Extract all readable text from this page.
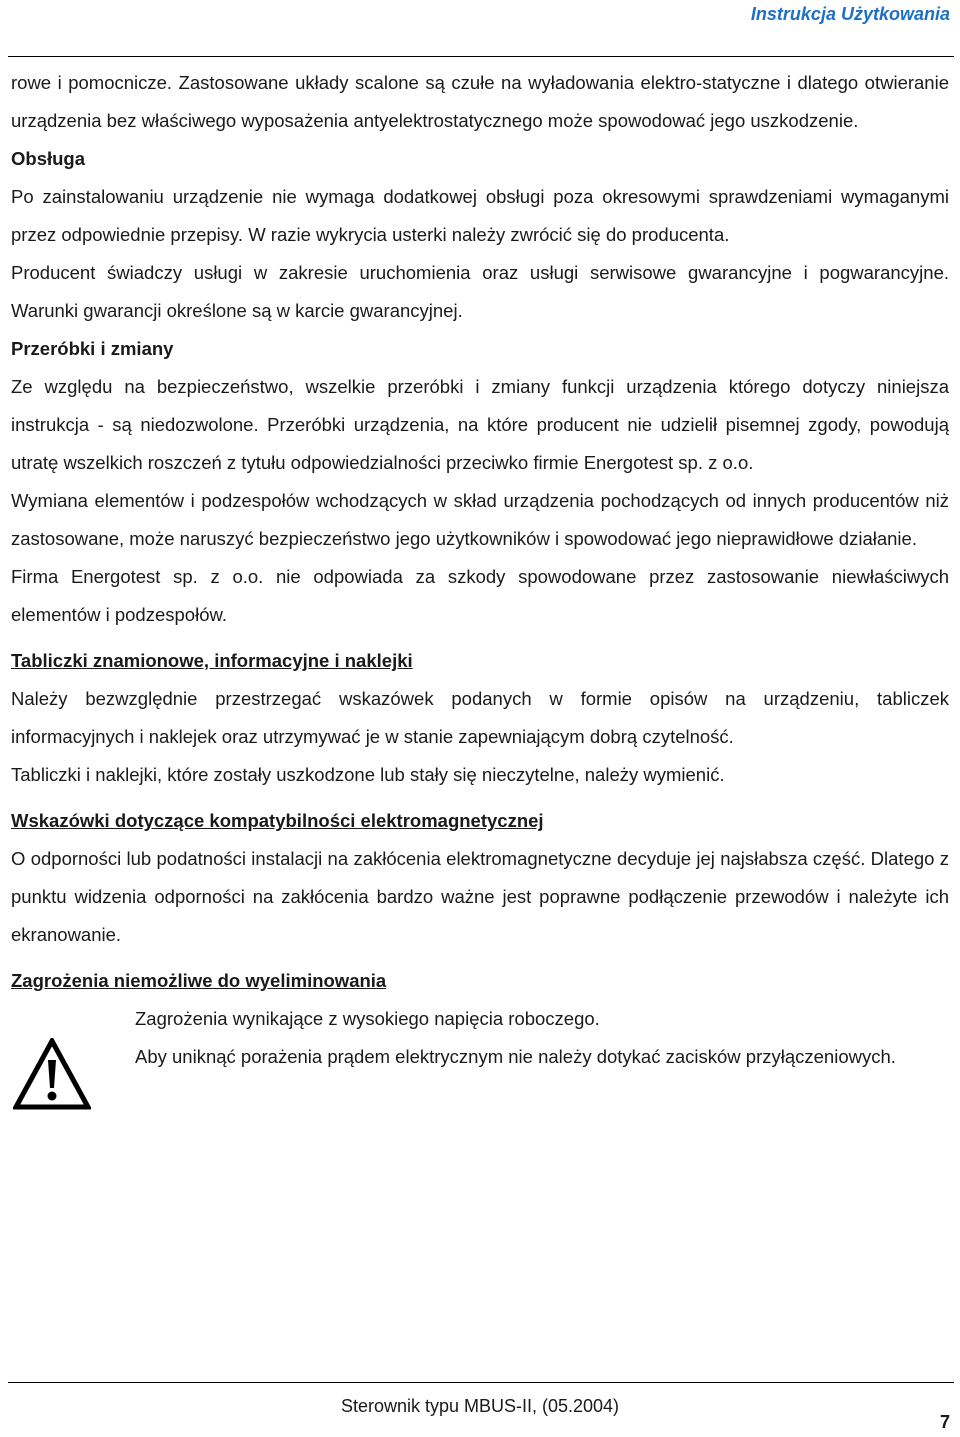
Instrukcja Użytkowania

rowe i pomocnicze. Zastosowane układy scalone są czułe na wyładowania elektro-statyczne i dlatego otwieranie urządzenia bez właściwego wyposażenia antyelektrostatycznego może spowodować jego uszkodzenie.

Obsługa

Po zainstalowaniu urządzenie nie wymaga dodatkowej obsługi poza okresowymi sprawdzeniami wymaganymi przez odpowiednie przepisy. W razie wykrycia usterki należy zwrócić się do producenta.

Producent świadczy usługi w zakresie uruchomienia oraz usługi serwisowe gwarancyjne i pogwarancyjne. Warunki gwarancji określone są w karcie gwarancyjnej.

Przeróbki i zmiany

Ze względu na bezpieczeństwo, wszelkie przeróbki i zmiany funkcji urządzenia którego dotyczy niniejsza instrukcja - są niedozwolone. Przeróbki urządzenia, na które producent nie udzielił pisemnej zgody, powodują utratę wszelkich roszczeń z tytułu odpowiedzialności przeciwko firmie Energotest sp. z o.o.

Wymiana elementów i podzespołów wchodzących w skład urządzenia pochodzących od innych producentów niż zastosowane, może naruszyć bezpieczeństwo jego użytkowników i spowodować jego nieprawidłowe działanie.

Firma Energotest sp. z o.o. nie odpowiada za szkody spowodowane przez zastosowanie niewłaściwych elementów i podzespołów.

Tabliczki znamionowe, informacyjne i naklejki

Należy bezwzględnie przestrzegać wskazówek podanych w formie opisów na urządzeniu, tabliczek informacyjnych i naklejek oraz utrzymywać je w stanie zapewniającym dobrą czytelność.

Tabliczki i naklejki, które zostały uszkodzone lub stały się nieczytelne, należy wymienić.

Wskazówki dotyczące kompatybilności elektromagnetycznej

O odporności lub podatności instalacji na zakłócenia elektromagnetyczne decyduje jej najsłabsza część. Dlatego z punktu widzenia odporności na zakłócenia bardzo ważne jest poprawne podłączenie przewodów i należyte ich ekranowanie.

Zagrożenia niemożliwe do wyeliminowania

Zagrożenia wynikające z wysokiego napięcia roboczego.

Aby uniknąć porażenia prądem elektrycznym nie należy dotykać zacisków przyłączeniowych.

Sterownik typu MBUS-II, (05.2004)
7
